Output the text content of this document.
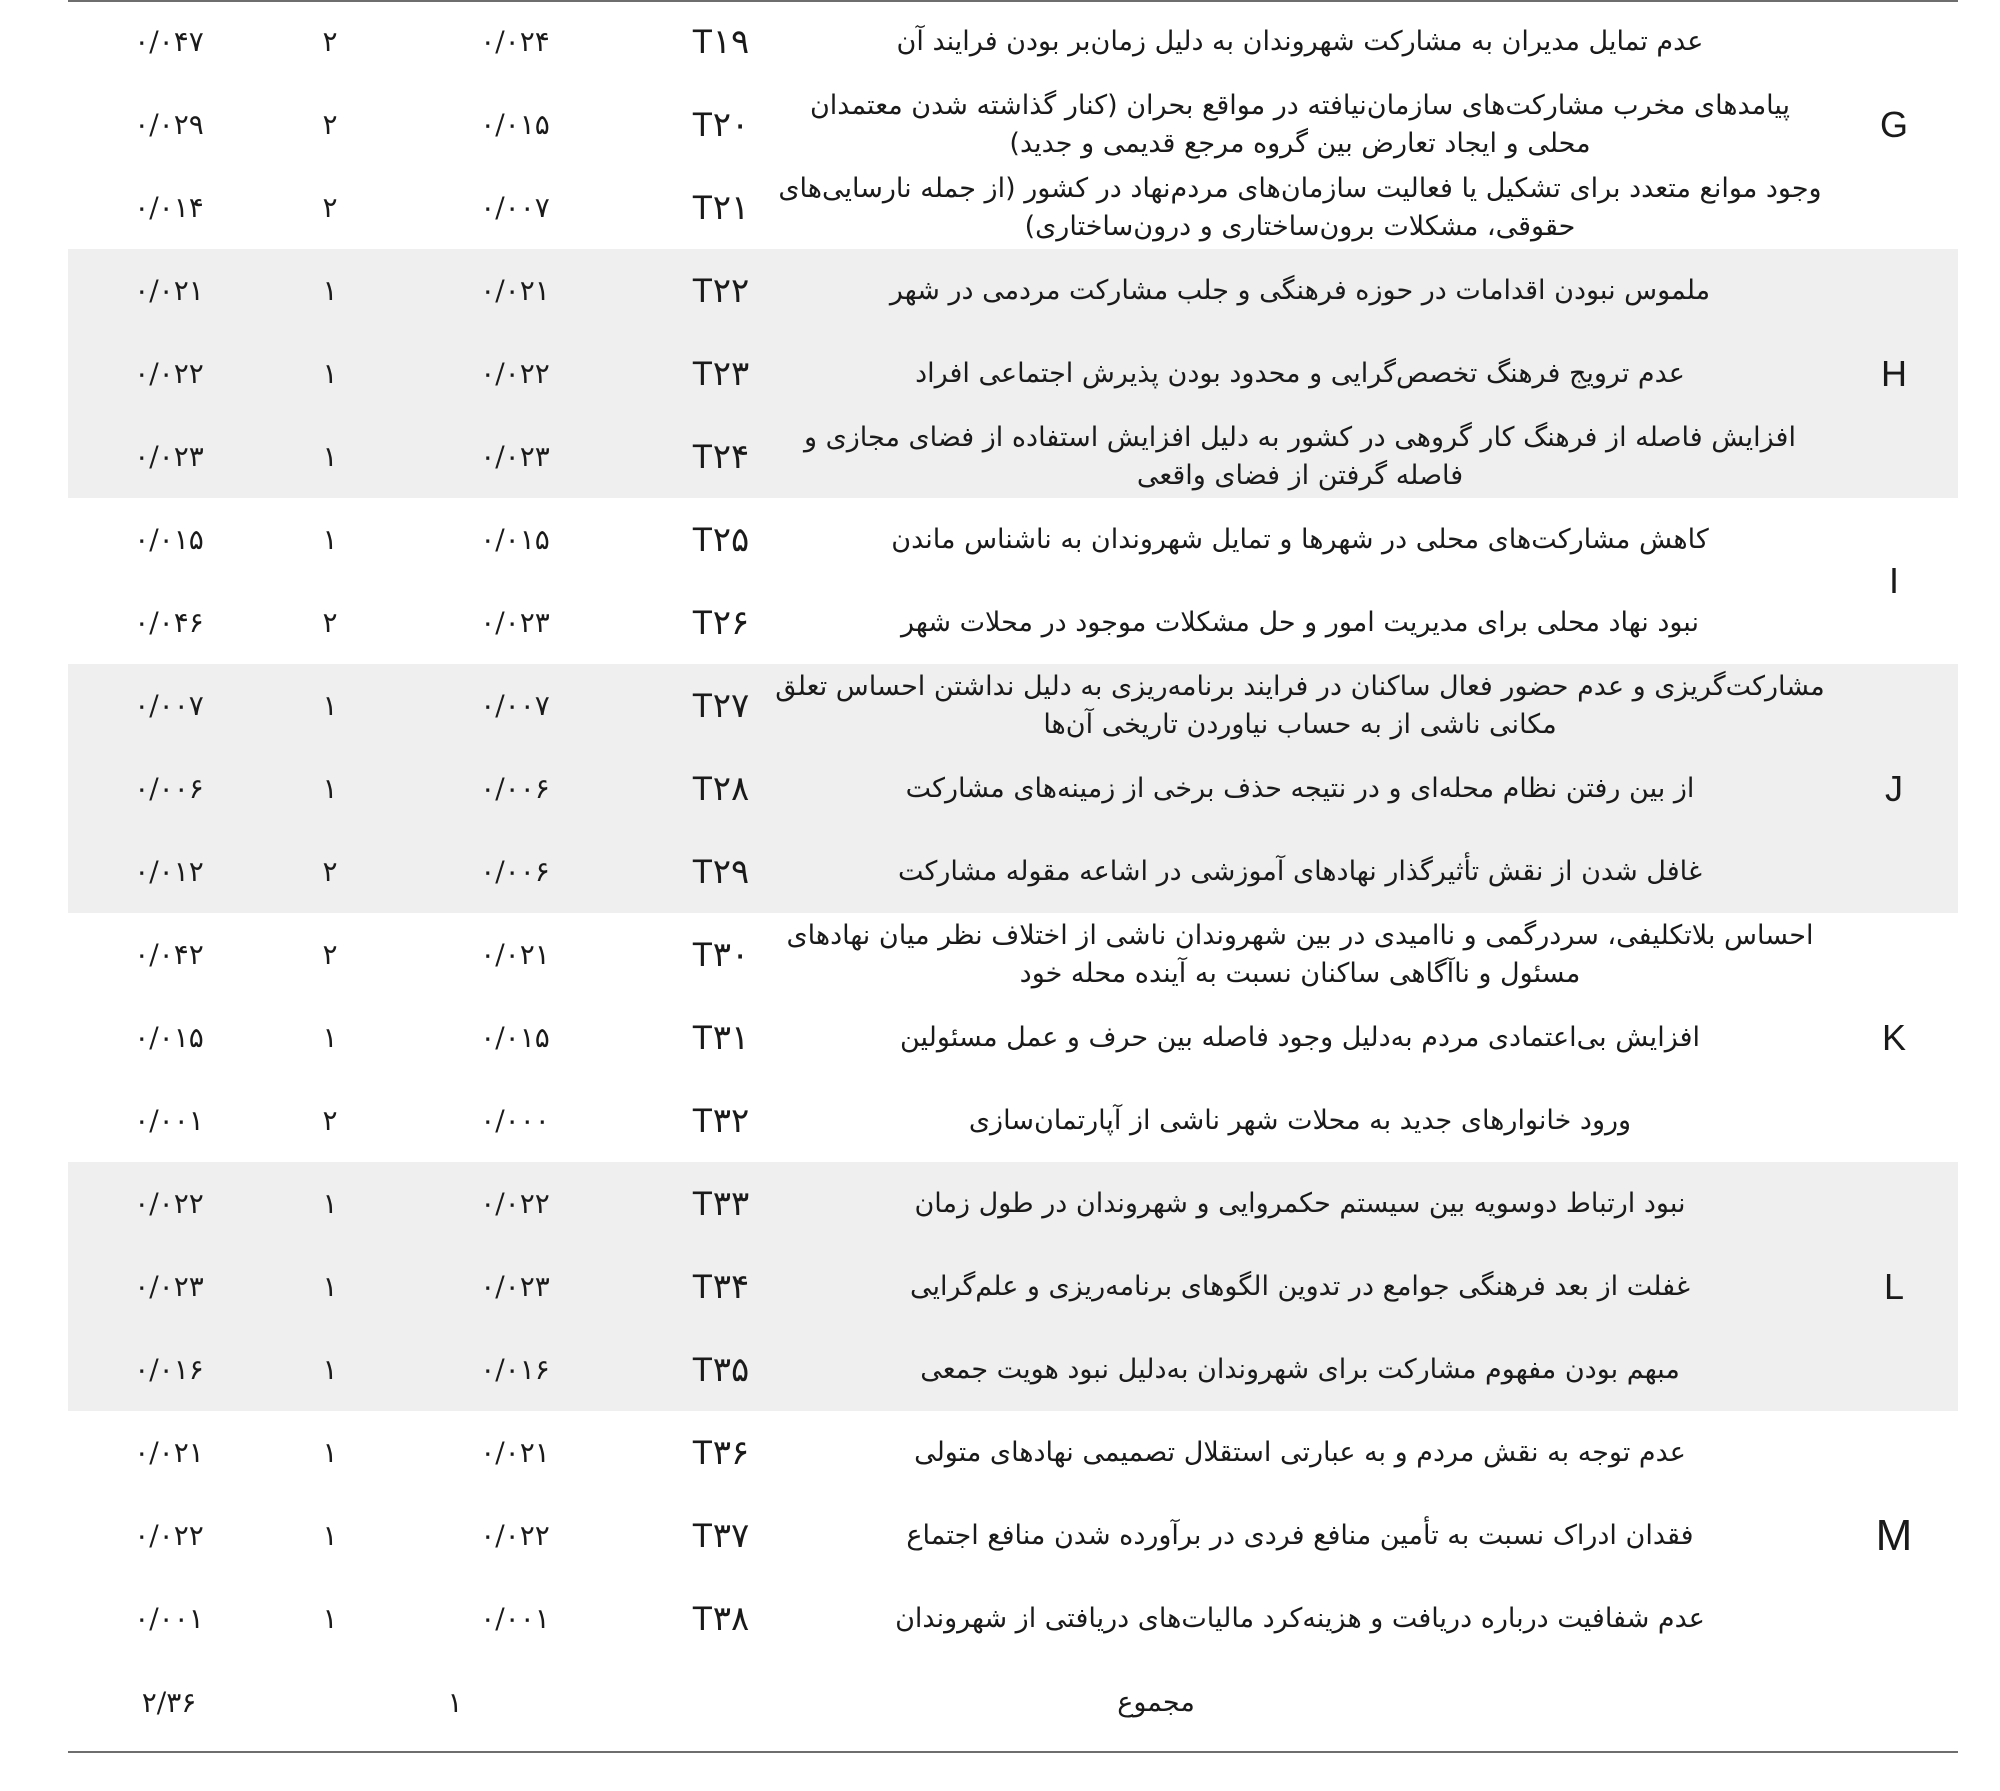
۰/۰۴۷	۲	۰/۰۲۴	T۱۹	عدم تمایل مدیران به مشارکت شهروندان به دلیل زمان‌بر بودن فرایند آن	G
۰/۰۲۹	۲	۰/۰۱۵	T۲۰	پیامدهای مخرب مشارکت‌های سازمان‌نیافته در مواقع بحران (کنار گذاشته شدن معتمدان محلی و ایجاد تعارض بین گروه مرجع قدیمی و جدید)	
۰/۰۱۴	۲	۰/۰۰۷	T۲۱	وجود موانع متعدد برای تشکیل یا فعالیت سازمان‌های مردم‌نهاد در کشور (از جمله نارسایی‌های حقوقی، مشکلات برون‌ساختاری و درون‌ساختاری)	
۰/۰۲۱	۱	۰/۰۲۱	T۲۲	ملموس نبودن اقدامات در حوزه فرهنگی و جلب مشارکت مردمی در شهر	H
۰/۰۲۲	۱	۰/۰۲۲	T۲۳	عدم ترویج فرهنگ تخصص‌گرایی و محدود بودن پذیرش اجتماعی افراد	
۰/۰۲۳	۱	۰/۰۲۳	T۲۴	افزایش فاصله از فرهنگ کار گروهی در کشور به دلیل افزایش استفاده از فضای مجازی و فاصله گرفتن از فضای واقعی	
۰/۰۱۵	۱	۰/۰۱۵	T۲۵	کاهش مشارکت‌های محلی در شهرها و تمایل شهروندان به ناشناس ماندن	I
۰/۰۴۶	۲	۰/۰۲۳	T۲۶	نبود نهاد محلی برای مدیریت امور و حل مشکلات موجود در محلات شهر	
۰/۰۰۷	۱	۰/۰۰۷	T۲۷	مشارکت‌گریزی و عدم حضور فعال ساکنان در فرایند برنامه‌ریزی به دلیل نداشتن احساس تعلق مکانی ناشی از به حساب نیاوردن تاریخی آن‌ها	J
۰/۰۰۶	۱	۰/۰۰۶	T۲۸	از بین رفتن نظام محله‌ای و در نتیجه حذف برخی از زمینه‌های مشارکت	
۰/۰۱۲	۲	۰/۰۰۶	T۲۹	غافل شدن از نقش تأثیرگذار نهادهای آموزشی در اشاعه مقوله مشارکت	
۰/۰۴۲	۲	۰/۰۲۱	T۳۰	احساس بلاتکلیفی، سردرگمی و ناامیدی در بین شهروندان ناشی از اختلاف نظر میان نهادهای مسئول و ناآگاهی ساکنان نسبت به آینده محله خود	K
۰/۰۱۵	۱	۰/۰۱۵	T۳۱	افزایش بی‌اعتمادی مردم به‌دلیل وجود فاصله بین حرف و عمل مسئولین	
۰/۰۰۱	۲	۰/۰۰۰	T۳۲	ورود خانوارهای جدید به محلات شهر ناشی از آپارتمان‌سازی	
۰/۰۲۲	۱	۰/۰۲۲	T۳۳	نبود ارتباط دوسویه بین سیستم حکمروایی و شهروندان در طول زمان	L
۰/۰۲۳	۱	۰/۰۲۳	T۳۴	غفلت از بعد فرهنگی جوامع در تدوین الگوهای برنامه‌ریزی و علم‌گرایی	
۰/۰۱۶	۱	۰/۰۱۶	T۳۵	مبهم بودن مفهوم مشارکت برای شهروندان به‌دلیل نبود هویت جمعی	
۰/۰۲۱	۱	۰/۰۲۱	T۳۶	عدم توجه به نقش مردم و به عبارتی استقلال تصمیمی نهادهای متولی	M
۰/۰۲۲	۱	۰/۰۲۲	T۳۷	فقدان ادراک نسبت به تأمین منافع فردی در برآورده شدن منافع اجتماع	
۰/۰۰۱	۱	۰/۰۰۱	T۳۸	عدم شفافیت درباره دریافت و هزینه‌کرد مالیات‌های دریافتی از شهروندان	
۲/۳۶	۱		مجموع		
